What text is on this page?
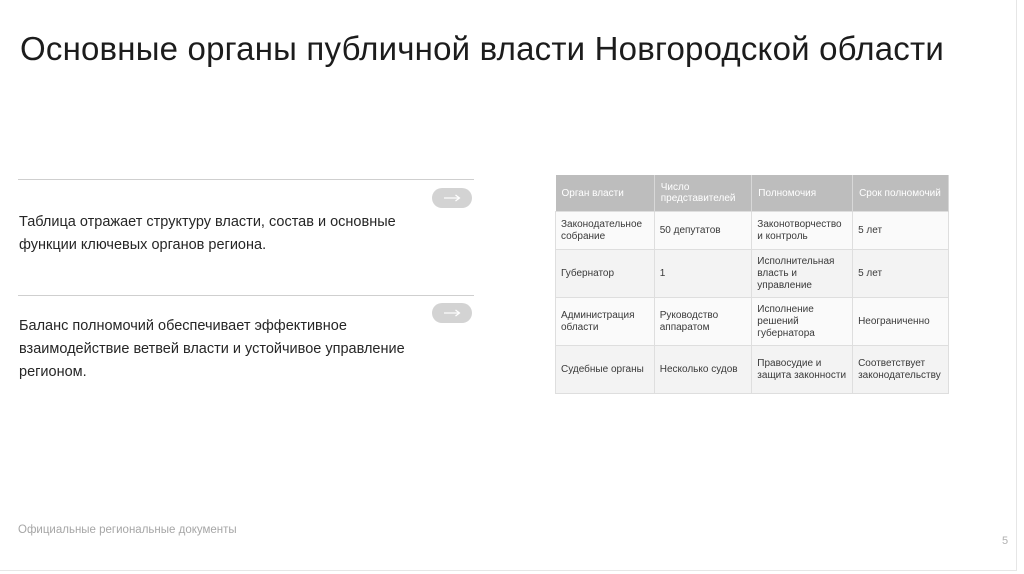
Основные органы публичной власти Новгородской области
Таблица отражает структуру власти, состав и основные функции ключевых органов региона.
Баланс полномочий обеспечивает эффективное взаимодействие ветвей власти и устойчивое управление регионом.
Орган власти	Число представителей	Полномочия	Срок полномочий
Законодательное собрание	50 депутатов	Законотворчество и контроль	5 лет
Губернатор	1	Исполнительная власть и управление	5 лет
Администрация области	Руководство аппаратом	Исполнение решений губернатора	Неограниченно
Судебные органы	Несколько судов	Правосудие и защита законности	Соответствует законодательству
Официальные региональные документы
5
